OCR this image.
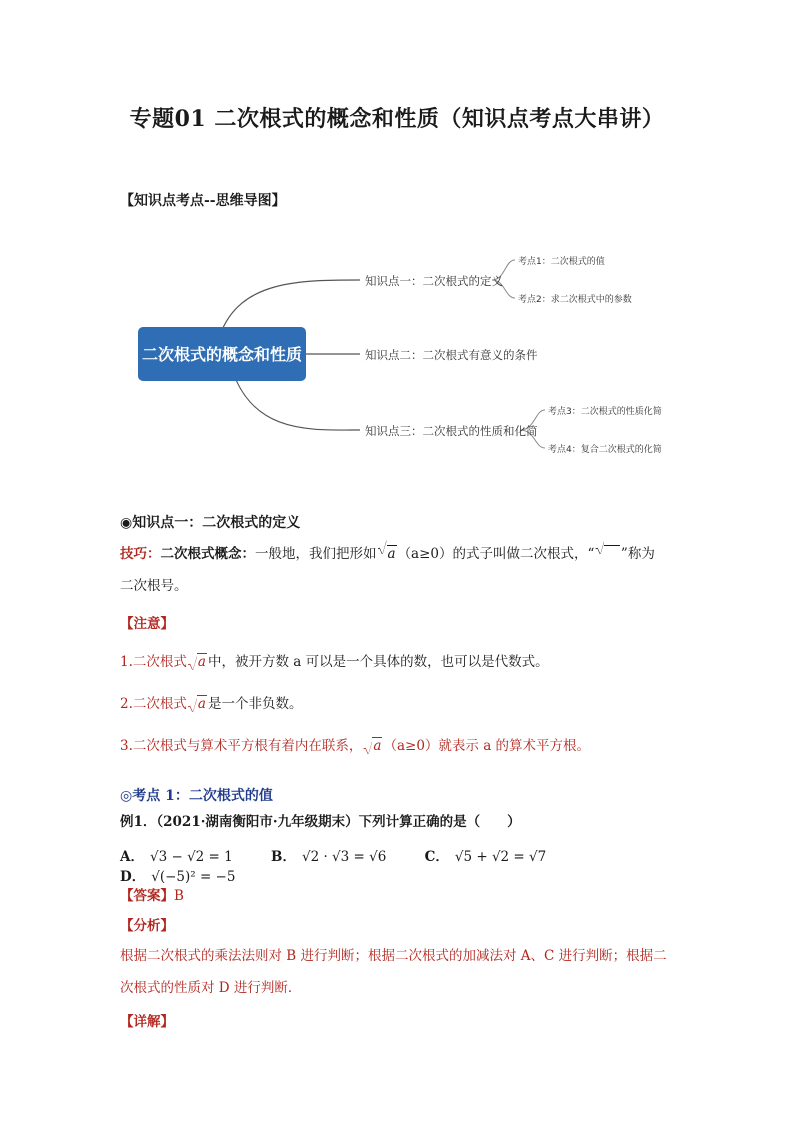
专题01 二次根式的概念和性质（知识点考点大串讲）
【知识点考点--思维导图】
二次根式的概念和性质
知识点一：二次根式的定义
知识点二：二次根式有意义的条件
知识点三：二次根式的性质和化简
考点1：二次根式的值
考点2：求二次根式中的参数
考点3：二次根式的性质化简
考点4：复合二次根式的化简
◉知识点一：二次根式的定义
技巧：二次根式概念：一般地，我们把形如 a （a≥0）的式子叫做二次根式，“  ”称为
二次根号。
【注意】
1.二次根式 a 中，被开方数 a 可以是一个具体的数，也可以是代数式。
2.二次根式 a 是一个非负数。
3.二次根式与算术平方根有着内在联系， a （a≥0）就表示 a 的算术平方根。
◎考点 1：二次根式的值
例1．（2021·湖南衡阳市·九年级期末）下列计算正确的是（　　）
A． √3 − √2 = 1	B． √2 · √3 = √6	C． √5 + √2 = √7 D． √(−5)² = −5
【答案】B
【分析】
根据二次根式的乘法法则对 B 进行判断；根据二次根式的加减法对 A、C 进行判断；根据二次根式的性质对 D 进行判断．
【详解】
